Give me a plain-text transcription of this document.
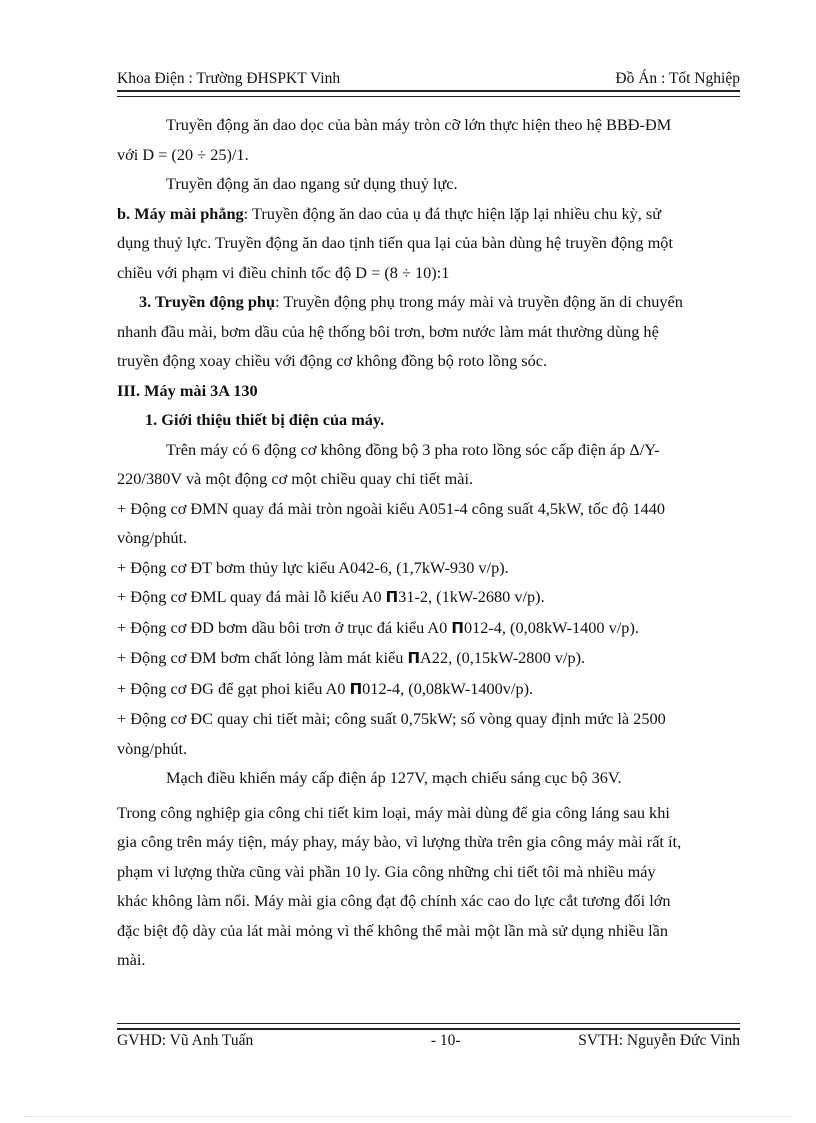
Khoa Điện : Trường ĐHSPKT Vinh	Đồ Án : Tốt Nghiệp

Truyền động ăn dao dọc của bàn máy tròn cỡ lớn thực hiện theo hệ BBĐ-ĐM

với D = (20 ÷ 25)/1.

Truyền động ăn dao ngang sử dụng thuỷ lực.

b. Máy mài phẳng: Truyền động ăn dao của ụ đá thực hiện lặp lại nhiều chu kỳ, sử

dụng thuỷ lực. Truyền động ăn dao tịnh tiến qua lại của bàn dùng hệ truyền động một

chiều với phạm vi điều chỉnh tốc độ D = (8 ÷ 10):1

3. Truyền động phụ: Truyền động phụ trong máy mài và truyền động ăn di chuyển

nhanh đầu mài, bơm dầu của hệ thống bôi trơn, bơm nước làm mát thường dùng hệ

truyền động xoay chiều với động cơ không đồng bộ roto lồng sóc.

III. Máy mài 3A 130

1. Giới thiệu thiết bị điện của máy.

Trên máy có 6 động cơ không đồng bộ 3 pha roto lồng sóc cấp điện áp Δ/Y-

220/380V và một động cơ một chiều quay chi tiết mài.

+ Động cơ ĐMN quay đá mài tròn ngoài kiểu A051-4 công suất 4,5kW, tốc độ 1440

vòng/phút.

+ Động cơ ĐT bơm thủy lực kiểu A042-6, (1,7kW-930 v/p).

+ Động cơ ĐML quay đá mài lỗ kiểu A0 Π31-2, (1kW-2680 v/p).

+ Động cơ ĐD bơm dầu bôi trơn ở trục đá kiểu A0 Π012-4, (0,08kW-1400 v/p).

+ Động cơ ĐM bơm chất lỏng làm mát kiểu ΠA22, (0,15kW-2800 v/p).

+ Động cơ ĐG để gạt phoi kiểu A0 Π012-4, (0,08kW-1400v/p).

+ Động cơ ĐC quay chi tiết mài; công suất 0,75kW; số vòng quay định mức là 2500

vòng/phút.

Mạch điều khiển máy cấp điện áp 127V, mạch chiếu sáng cục bộ 36V.

Trong công nghiệp gia công chi tiết kim loại, máy mài dùng để gia công láng sau khi

gia công trên máy tiện, máy phay, máy bào, vì lượng thừa trên gia công máy mài rất ít,

phạm vi lượng thừa cũng vài phần 10 ly. Gia công những chi tiết tôi mà nhiều máy

khác không làm nổi. Máy mài gia công đạt độ chính xác cao do lực cắt tương đối lớn

đặc biệt độ dày của lát mài mỏng vì thế không thể mài một lần mà sử dụng nhiều lần

mài.

GVHD: Vũ Anh Tuấn	- 10-	SVTH: Nguyễn Đức Vinh
